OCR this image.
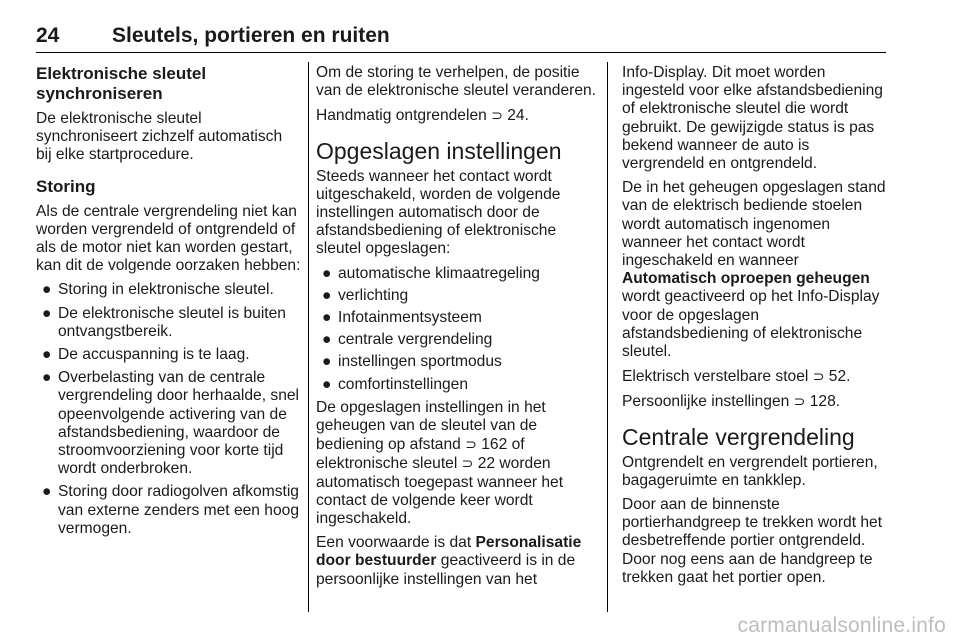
24	Sleutels, portieren en ruiten
Elektronische sleutel synchroniseren

De elektronische sleutel synchroniseert zichzelf automatisch bij elke startprocedure.

Storing

Als de centrale vergrendeling niet kan worden vergrendeld of ontgrendeld of als de motor niet kan worden gestart, kan dit de volgende oorzaken hebben:

● Storing in elektronische sleutel.
● De elektronische sleutel is buiten ontvangstbereik.
● De accuspanning is te laag.
● Overbelasting van de centrale vergrendeling door herhaalde, snel opeenvolgende activering van de afstandsbediening, waardoor de stroomvoorziening voor korte tijd wordt onderbroken.
● Storing door radiogolven afkomstig van externe zenders met een hoog vermogen.

Om de storing te verhelpen, de positie van de elektronische sleutel veranderen.

Handmatig ontgrendelen ⊃ 24.

Opgeslagen instellingen

Steeds wanneer het contact wordt uitgeschakeld, worden de volgende instellingen automatisch door de afstandsbediening of elektronische sleutel opgeslagen:

● automatische klimaatregeling
● verlichting
● Infotainmentsysteem
● centrale vergrendeling
● instellingen sportmodus
● comfortinstellingen

De opgeslagen instellingen in het geheugen van de sleutel van de bediening op afstand ⊃ 162 of elektronische sleutel ⊃ 22 worden automatisch toegepast wanneer het contact de volgende keer wordt ingeschakeld.

Een voorwaarde is dat Personalisatie door bestuurder geactiveerd is in de persoonlijke instellingen van het

Info-Display. Dit moet worden ingesteld voor elke afstandsbediening of elektronische sleutel die wordt gebruikt. De gewijzigde status is pas bekend wanneer de auto is vergrendeld en ontgrendeld.

De in het geheugen opgeslagen stand van de elektrisch bediende stoelen wordt automatisch ingenomen wanneer het contact wordt ingeschakeld en wanneer Automatisch oproepen geheugen wordt geactiveerd op het Info-Display voor de opgeslagen afstandsbediening of elektronische sleutel.

Elektrisch verstelbare stoel ⊃ 52.

Persoonlijke instellingen ⊃ 128.

Centrale vergrendeling

Ontgrendelt en vergrendelt portieren, bagageruimte en tankklep.

Door aan de binnenste portierhandgreep te trekken wordt het desbetreffende portier ontgrendeld. Door nog eens aan de handgreep te trekken gaat het portier open.

carmanualsonline.info
